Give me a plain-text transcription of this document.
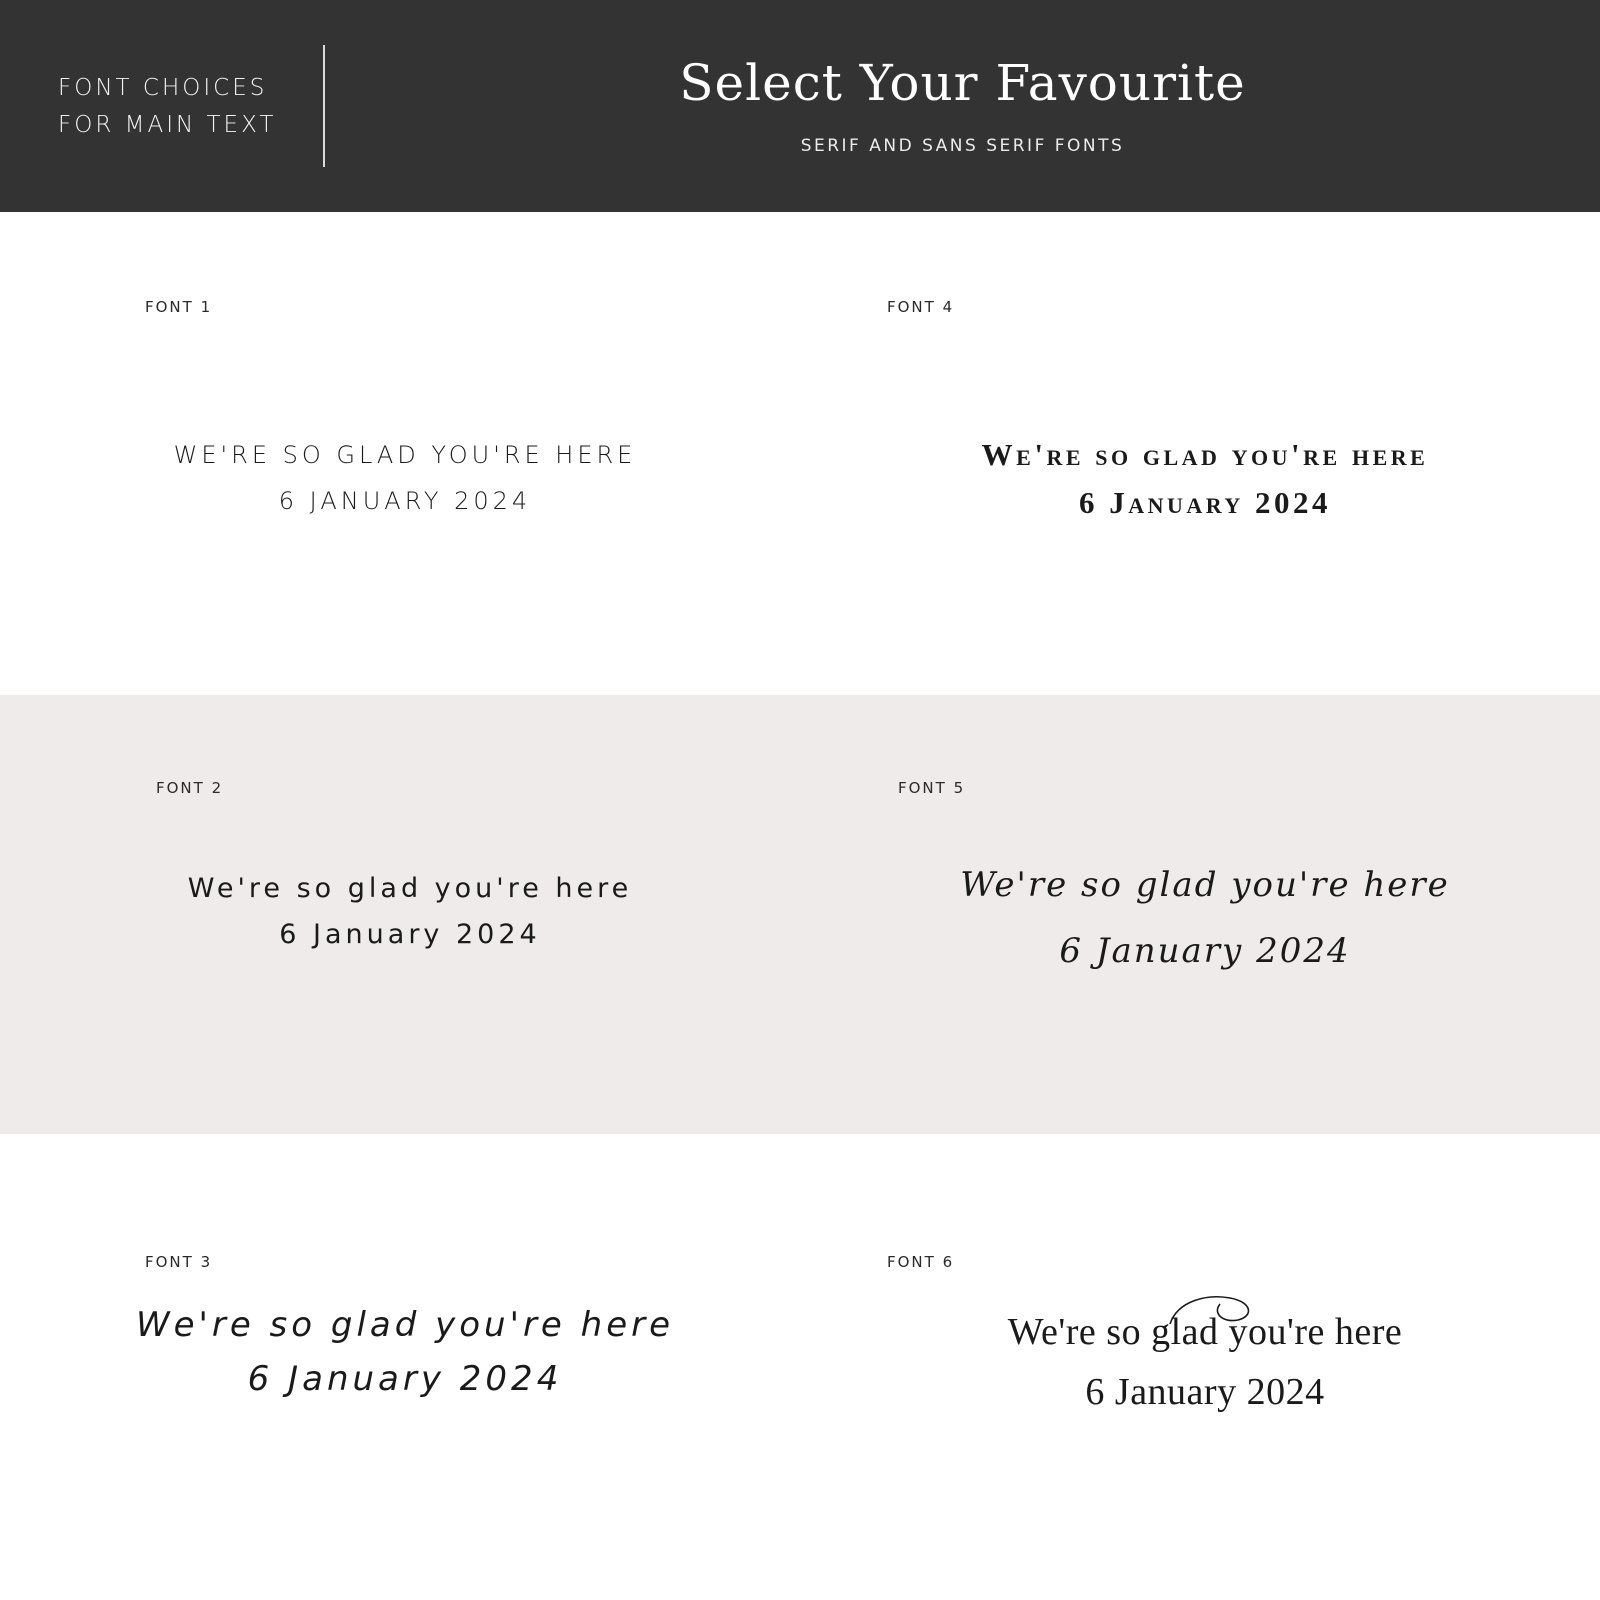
FONT CHOICES
FOR MAIN TEXT
Select Your Favourite
SERIF AND SANS SERIF FONTS
FONT 1
WE'RE SO GLAD YOU'RE HERE
6 JANUARY 2024
FONT 4
We're so glad you're here
6 January 2024
FONT 2
We're so glad you're here
6 January 2024
FONT 5
We're so glad you're here
6 January 2024
FONT 3
We're so glad you're here
6 January 2024
FONT 6
We're so glad you're here
6 January 2024
